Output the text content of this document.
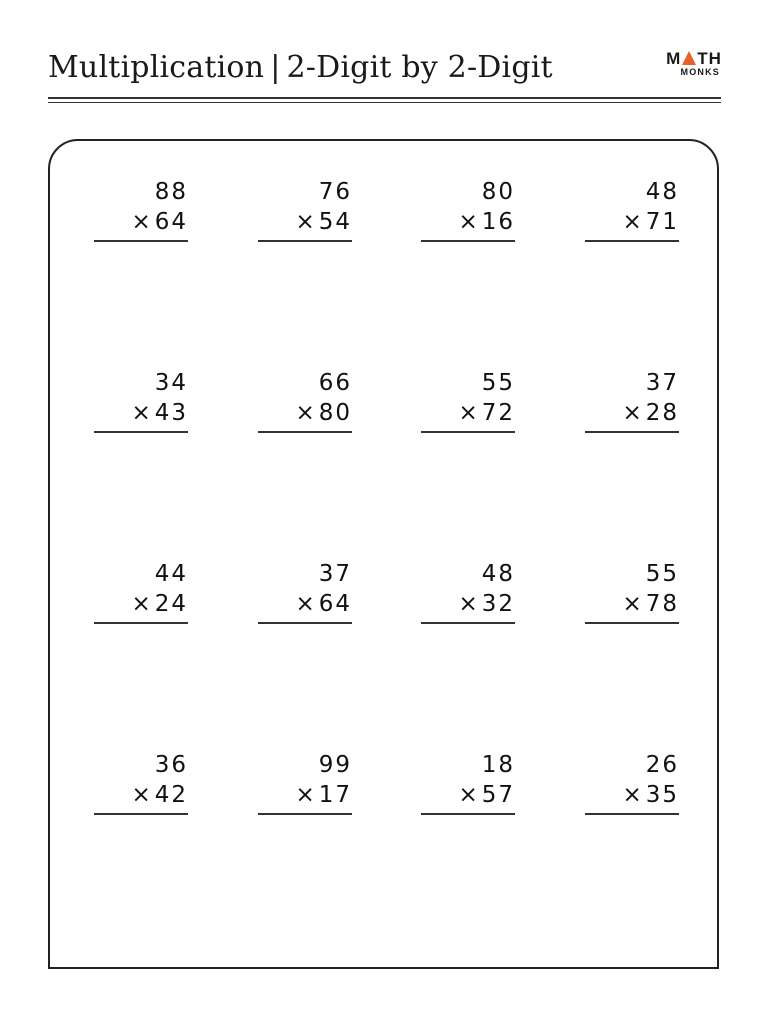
Multiplication | 2-Digit by 2-Digit	M TH
MONKS
88
×64
76
×54
80
×16
48
×71
34
×43
66
×80
55
×72
37
×28
44
×24
37
×64
48
×32
55
×78
36
×42
99
×17
18
×57
26
×35
